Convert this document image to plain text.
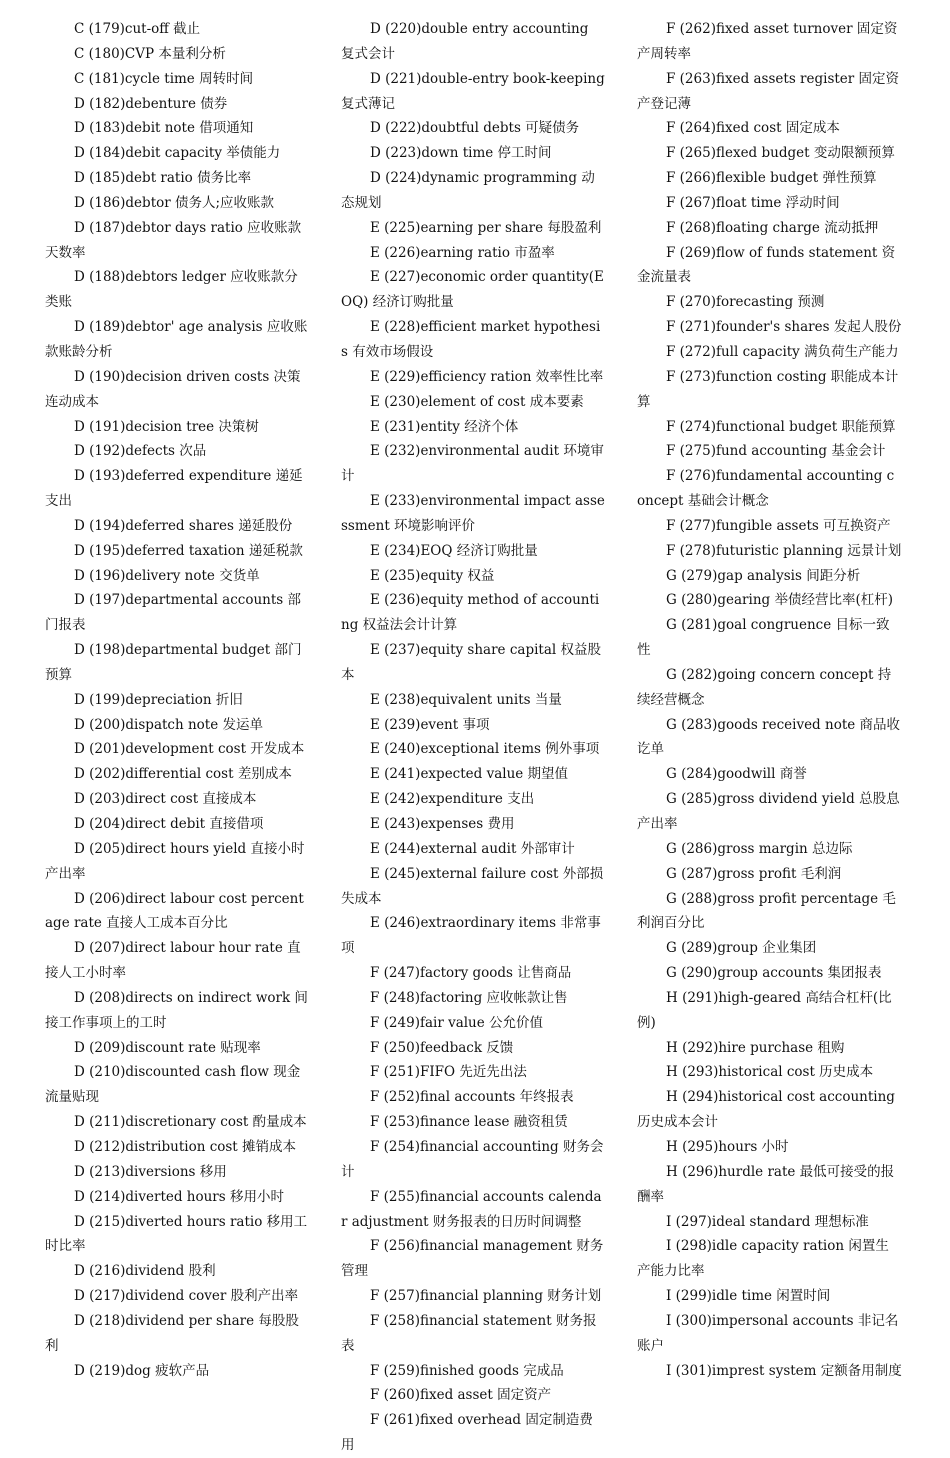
C (179)cut-off 截止

C (180)CVP 本量利分析

C (181)cycle time 周转时间

D (182)debenture 债券

D (183)debit note 借项通知

D (184)debit capacity 举债能力

D (185)debt ratio 债务比率

D (186)debtor 债务人;应收账款

D (187)debtor days ratio 应收账款天数率

D (188)debtors ledger 应收账款分类账

D (189)debtor' age analysis 应收账款账龄分析

D (190)decision driven costs 决策连动成本

D (191)decision tree 决策树

D (192)defects 次品

D (193)deferred expenditure 递延支出

D (194)deferred shares 递延股份

D (195)deferred taxation 递延税款

D (196)delivery note 交货单

D (197)departmental accounts 部门报表

D (198)departmental budget 部门预算

D (199)depreciation 折旧

D (200)dispatch note 发运单

D (201)development cost 开发成本

D (202)differential cost 差别成本

D (203)direct cost 直接成本

D (204)direct debit 直接借项

D (205)direct hours yield 直接小时产出率

D (206)direct labour cost percentage rate 直接人工成本百分比

D (207)direct labour hour rate 直接人工小时率

D (208)directs on indirect work 间接工作事项上的工时

D (209)discount rate 贴现率

D (210)discounted cash flow 现金流量贴现

D (211)discretionary cost 酌量成本

D (212)distribution cost 摊销成本

D (213)diversions 移用

D (214)diverted hours 移用小时

D (215)diverted hours ratio 移用工时比率

D (216)dividend 股利

D (217)dividend cover 股利产出率

D (218)dividend per share 每股股利

D (219)dog 疲软产品

D (220)double entry accounting 复式会计

D (221)double-entry book-keeping 复式薄记

D (222)doubtful debts 可疑债务

D (223)down time 停工时间

D (224)dynamic programming 动态规划

E (225)earning per share 每股盈利

E (226)earning ratio 市盈率

E (227)economic order quantity(EOQ) 经济订购批量

E (228)efficient market hypothesis 有效市场假设

E (229)efficiency ration 效率性比率

E (230)element of cost 成本要素

E (231)entity 经济个体

E (232)environmental audit 环境审计

E (233)environmental impact assessment 环境影响评价

E (234)EOQ 经济订购批量

E (235)equity 权益

E (236)equity method of accounting 权益法会计计算

E (237)equity share capital 权益股本

E (238)equivalent units 当量

E (239)event 事项

E (240)exceptional items 例外事项

E (241)expected value 期望值

E (242)expenditure 支出

E (243)expenses 费用

E (244)external audit 外部审计

E (245)external failure cost 外部损失成本

E (246)extraordinary items 非常事项

F (247)factory goods 让售商品

F (248)factoring 应收帐款让售

F (249)fair value 公允价值

F (250)feedback 反馈

F (251)FIFO 先近先出法

F (252)final accounts 年终报表

F (253)finance lease 融资租赁

F (254)financial accounting 财务会计

F (255)financial accounts calendar adjustment 财务报表的日历时间调整

F (256)financial management 财务管理

F (257)financial planning 财务计划

F (258)financial statement 财务报表

F (259)finished goods 完成品

F (260)fixed asset 固定资产

F (261)fixed overhead 固定制造费用

F (262)fixed asset turnover 固定资产周转率

F (263)fixed assets register 固定资产登记薄

F (264)fixed cost 固定成本

F (265)flexed budget 变动限额预算

F (266)flexible budget 弹性预算

F (267)float time 浮动时间

F (268)floating charge 流动抵押

F (269)flow of funds statement 资金流量表

F (270)forecasting 预测

F (271)founder's shares 发起人股份

F (272)full capacity 满负荷生产能力

F (273)function costing 职能成本计算

F (274)functional budget 职能预算

F (275)fund accounting 基金会计

F (276)fundamental accounting concept 基础会计概念

F (277)fungible assets 可互换资产

F (278)futuristic planning 远景计划

G (279)gap analysis 间距分析

G (280)gearing 举债经营比率(杠杆)

G (281)goal congruence 目标一致性

G (282)going concern concept 持续经营概念

G (283)goods received note 商品收讫单

G (284)goodwill 商誉

G (285)gross dividend yield 总股息产出率

G (286)gross margin 总边际

G (287)gross profit 毛利润

G (288)gross profit percentage 毛利润百分比

G (289)group 企业集团

G (290)group accounts 集团报表

H (291)high-geared 高结合杠杆(比例)

H (292)hire purchase 租购

H (293)historical cost 历史成本

H (294)historical cost accounting 历史成本会计

H (295)hours 小时

H (296)hurdle rate 最低可接受的报酬率

I (297)ideal standard 理想标准

I (298)idle capacity ration 闲置生产能力比率

I (299)idle time 闲置时间

I (300)impersonal accounts 非记名账户

I (301)imprest system 定额备用制度
